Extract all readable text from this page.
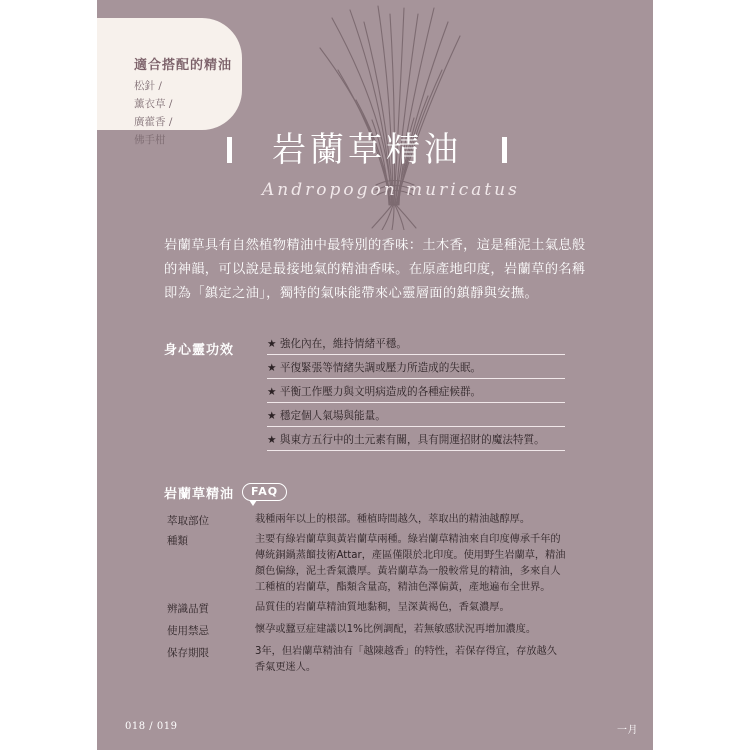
適合搭配的精油
松針 /
薰衣草 /
廣藿香 /
佛手柑	岩蘭草精油
Andropogon muricatus
岩蘭草具有自然植物精油中最特別的香味：土木香，這是種泥土氣息般
的神韻，可以說是最接地氣的精油香味。在原產地印度，岩蘭草的名稱
即為「鎮定之油」，獨特的氣味能帶來心靈層面的鎮靜與安撫。
身心靈功效	★ 強化內在，維持情緒平穩。
★ 平復緊張等情緒失調或壓力所造成的失眠。
★ 平衡工作壓力與文明病造成的各種症候群。
★ 穩定個人氣場與能量。
★ 與東方五行中的土元素有關，具有開運招財的魔法特質。
岩蘭草精油	FAQ
萃取部位	栽種兩年以上的根部。種植時間越久，萃取出的精油越醇厚。
種類	主要有綠岩蘭草與黃岩蘭草兩種。綠岩蘭草精油來自印度傳承千年的
傳統銅鍋蒸餾技術Attar，產區僅限於北印度。使用野生岩蘭草，精油
顏色偏綠，泥土香氣濃厚。黃岩蘭草為一般較常見的精油，多來自人
工種植的岩蘭草，酯類含量高，精油色澤偏黃，產地遍布全世界。
辨識品質	品質佳的岩蘭草精油質地黏稠，呈深黃褐色，香氣濃厚。
使用禁忌	懷孕或蠶豆症建議以1%比例調配，若無敏感狀況再增加濃度。
保存期限	3年，但岩蘭草精油有「越陳越香」的特性，若保存得宜，存放越久
香氣更迷人。
018 / 019	一月
